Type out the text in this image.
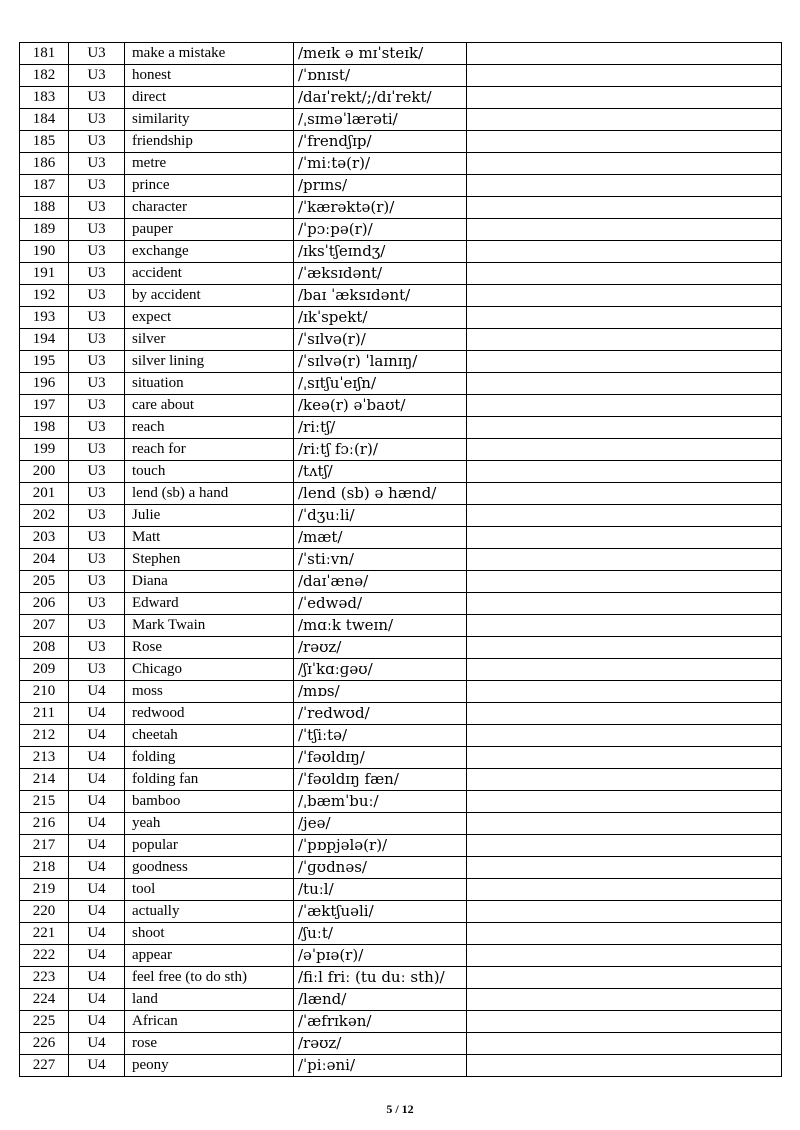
181	U3	make a mistake	/meɪk ə mɪˈsteɪk/	
182	U3	honest	/ˈɒnɪst/	
183	U3	direct	/daɪˈrekt/;/dɪˈrekt/	
184	U3	similarity	/ˌsɪməˈlærəti/	
185	U3	friendship	/ˈfrendʃɪp/	
186	U3	metre	/ˈmiːtə(r)/	
187	U3	prince	/prɪns/	
188	U3	character	/ˈkærəktə(r)/	
189	U3	pauper	/ˈpɔːpə(r)/	
190	U3	exchange	/ɪksˈtʃeɪndʒ/	
191	U3	accident	/ˈæksɪdənt/	
192	U3	by accident	/baɪ ˈæksɪdənt/	
193	U3	expect	/ɪkˈspekt/	
194	U3	silver	/ˈsɪlvə(r)/	
195	U3	silver lining	/ˈsɪlvə(r) ˈlaɪnɪŋ/	
196	U3	situation	/ˌsɪtʃuˈeɪʃn/	
197	U3	care about	/keə(r) əˈbaʊt/	
198	U3	reach	/riːtʃ/	
199	U3	reach for	/riːtʃ fɔː(r)/	
200	U3	touch	/tʌtʃ/	
201	U3	lend (sb) a hand	/lend (sb) ə hænd/	
202	U3	Julie	/ˈdʒuːli/	
203	U3	Matt	/mæt/	
204	U3	Stephen	/ˈstiːvn/	
205	U3	Diana	/daɪˈænə/	
206	U3	Edward	/ˈedwəd/	
207	U3	Mark Twain	/mɑːk tweɪn/	
208	U3	Rose	/rəʊz/	
209	U3	Chicago	/ʃɪˈkɑːɡəʊ/	
210	U4	moss	/mɒs/	
211	U4	redwood	/ˈredwʊd/	
212	U4	cheetah	/ˈtʃiːtə/	
213	U4	folding	/ˈfəʊldɪŋ/	
214	U4	folding fan	/ˈfəʊldɪŋ fæn/	
215	U4	bamboo	/ˌbæmˈbuː/	
216	U4	yeah	/jeə/	
217	U4	popular	/ˈpɒpjələ(r)/	
218	U4	goodness	/ˈɡʊdnəs/	
219	U4	tool	/tuːl/	
220	U4	actually	/ˈæktʃuəli/	
221	U4	shoot	/ʃuːt/	
222	U4	appear	/əˈpɪə(r)/	
223	U4	feel free (to do sth)	/fiːl friː (tu duː sth)/	
224	U4	land	/lænd/	
225	U4	African	/ˈæfrɪkən/	
226	U4	rose	/rəʊz/	
227	U4	peony	/ˈpiːəni/	
5 / 12
